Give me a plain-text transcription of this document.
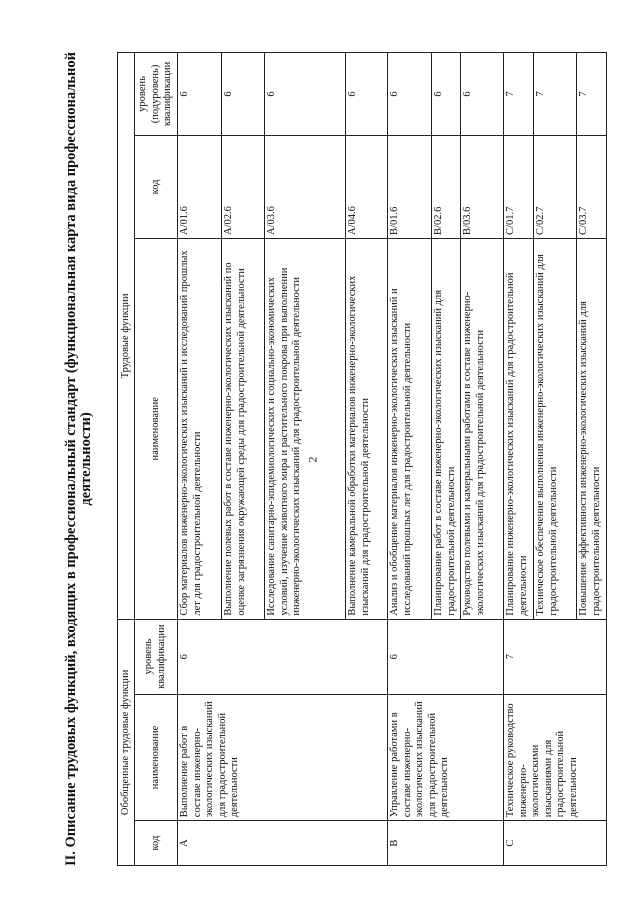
2
II. Описание трудовых функций, входящих в профессиональный стандарт (функциональная карта вида профессиональной деятельности)
Обобщенные трудовые функции			Трудовые функции		
код	наименование	уровень квалификации	наименование	код	уровень (подуровень) квалификации
A	Выполнение работ в составе инженерно-экологических изысканий для градостроительной деятельности	6	Сбор материалов инженерно-экологических изысканий и исследований прошлых лет для градостроительной деятельности	A/01.6	6
			Выполнение полевых работ в составе инженерно-экологических изысканий по оценке загрязнения окружающей среды для градостроительной деятельности	A/02.6	6
			Исследование санитарно-эпидемиологических и социально-экономических условий, изучение животного мира и растительного покрова при выполнении инженерно-экологических изысканий для градостроительной деятельности	A/03.6	6
			Выполнение камеральной обработки материалов инженерно-экологических изысканий для градостроительной деятельности	A/04.6	6
B	Управление работами в составе инженерно-экологических изысканий для градостроительной деятельности	6	Анализ и обобщение материалов инженерно-экологических изысканий и исследований прошлых лет для градостроительной деятельности	B/01.6	6
			Планирование работ в составе инженерно-экологических изысканий для градостроительной деятельности	B/02.6	6
			Руководство полевыми и камеральными работами в составе инженерно-экологических изысканий для градостроительной деятельности	B/03.6	6
C	Техническое руководство инженерно-экологическими изысканиями для градостроительной деятельности	7	Планирование инженерно-экологических изысканий для градостроительной деятельности	C/01.7	7
			Техническое обеспечение выполнения инженерно-экологических изысканий для градостроительной деятельности	C/02.7	7
			Повышение эффективности инженерно-экологических изысканий для градостроительной деятельности	C/03.7	7
